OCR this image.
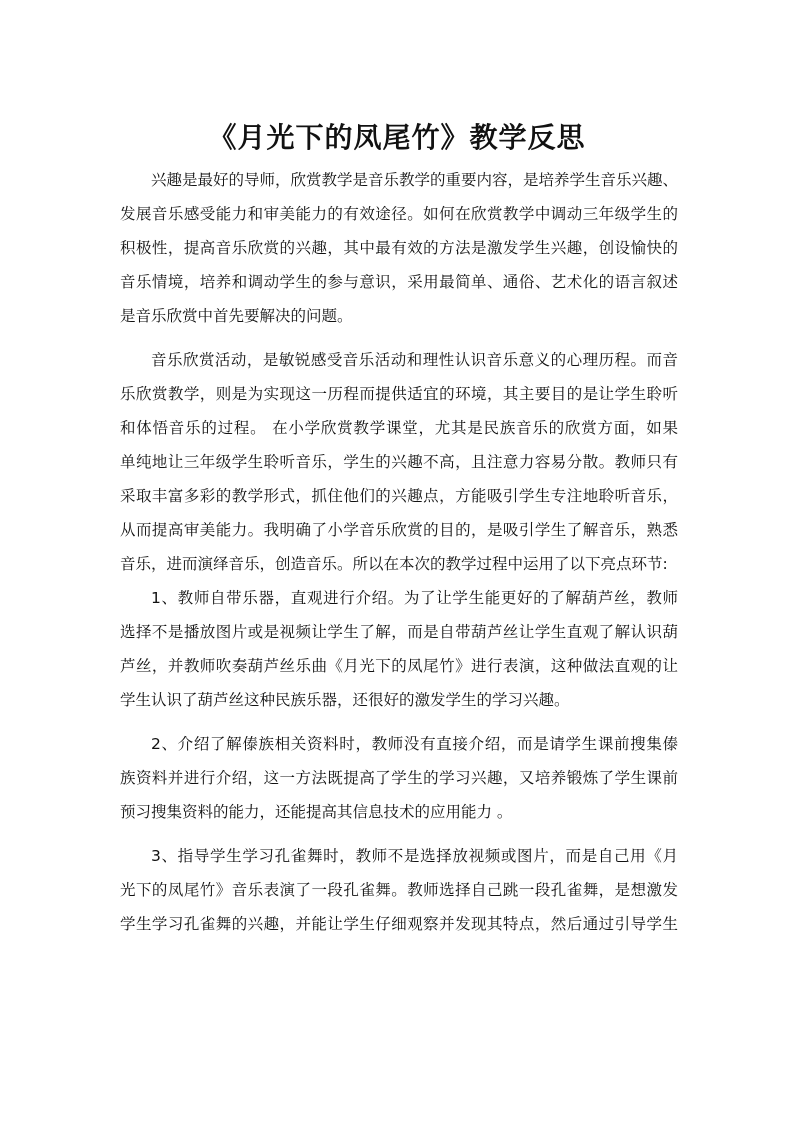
《月光下的凤尾竹》教学反思
兴趣是最好的导师，欣赏教学是音乐教学的重要内容，是培养学生音乐兴趣、
发展音乐感受能力和审美能力的有效途径。如何在欣赏教学中调动三年级学生的
积极性，提高音乐欣赏的兴趣，其中最有效的方法是激发学生兴趣，创设愉快的
音乐情境，培养和调动学生的参与意识，采用最简单、通俗、艺术化的语言叙述
是音乐欣赏中首先要解决的问题。
音乐欣赏活动，是敏锐感受音乐活动和理性认识音乐意义的心理历程。而音
乐欣赏教学，则是为实现这一历程而提供适宜的环境，其主要目的是让学生聆听
和体悟音乐的过程。 在小学欣赏教学课堂，尤其是民族音乐的欣赏方面，如果
单纯地让三年级学生聆听音乐，学生的兴趣不高，且注意力容易分散。教师只有
采取丰富多彩的教学形式，抓住他们的兴趣点，方能吸引学生专注地聆听音乐，
从而提高审美能力。我明确了小学音乐欣赏的目的，是吸引学生了解音乐，熟悉
音乐，进而演绎音乐，创造音乐。所以在本次的教学过程中运用了以下亮点环节:
1、教师自带乐器，直观进行介绍。为了让学生能更好的了解葫芦丝，教师
选择不是播放图片或是视频让学生了解，而是自带葫芦丝让学生直观了解认识葫
芦丝，并教师吹奏葫芦丝乐曲《月光下的凤尾竹》进行表演，这种做法直观的让
学生认识了葫芦丝这种民族乐器，还很好的激发学生的学习兴趣。
2、介绍了解傣族相关资料时，教师没有直接介绍，而是请学生课前搜集傣
族资料并进行介绍，这一方法既提高了学生的学习兴趣，又培养锻炼了学生课前
预习搜集资料的能力，还能提高其信息技术的应用能力 。
3、指导学生学习孔雀舞时，教师不是选择放视频或图片，而是自己用《月
光下的凤尾竹》音乐表演了一段孔雀舞。教师选择自己跳一段孔雀舞，是想激发
学生学习孔雀舞的兴趣，并能让学生仔细观察并发现其特点，然后通过引导学生
